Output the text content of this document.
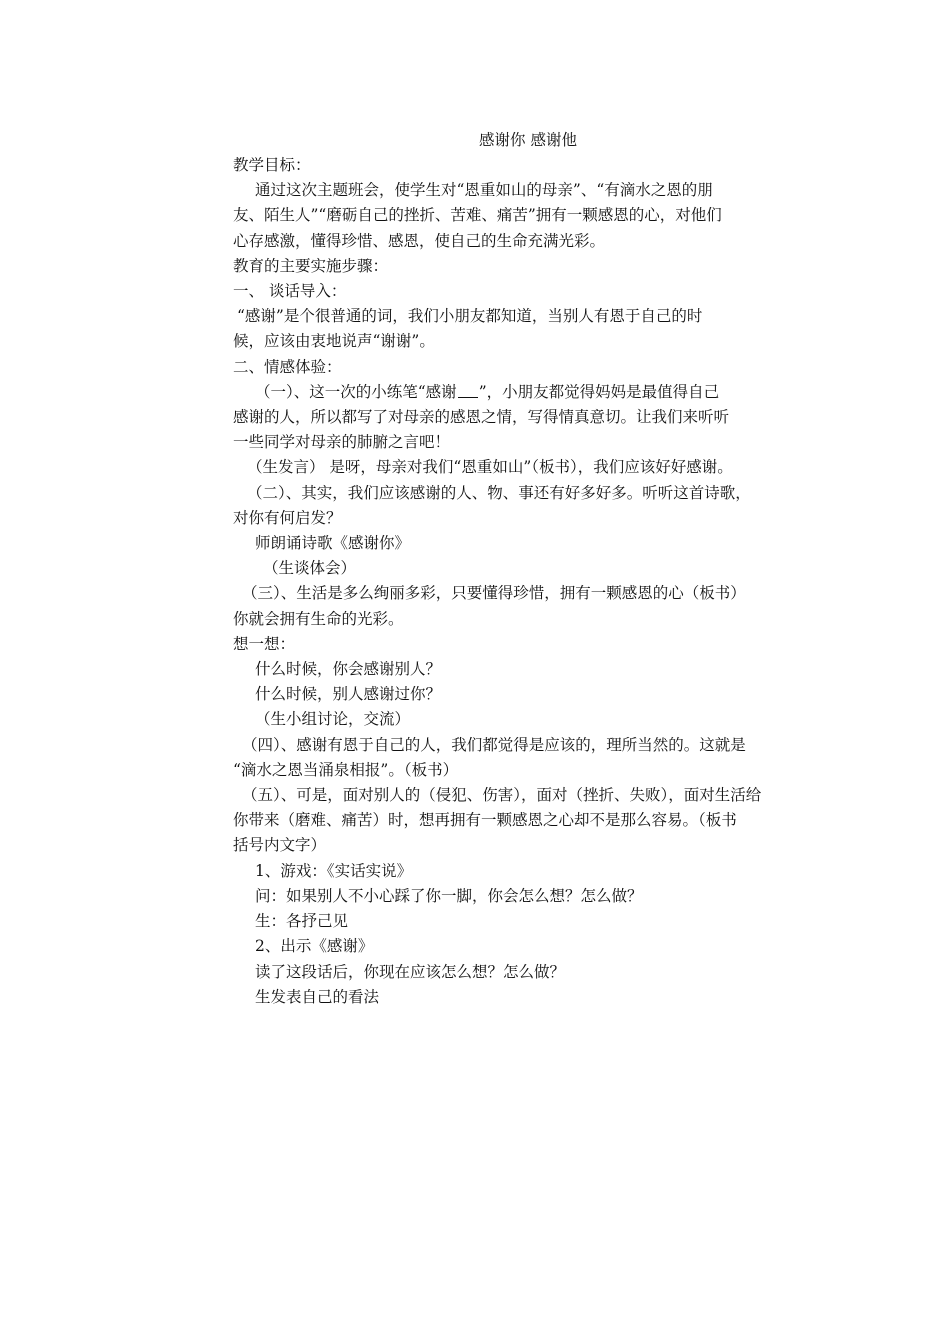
感谢你 感谢他
教学目标：
通过这次主题班会，使学生对“恩重如山的母亲”、“有滴水之恩的朋
友、陌生人”“磨砺自己的挫折、苦难、痛苦”拥有一颗感恩的心，对他们
心存感激，懂得珍惜、感恩，使自己的生命充满光彩。
教育的主要实施步骤：
一、 谈话导入：
“感谢”是个很普通的词，我们小朋友都知道，当别人有恩于自己的时
候，应该由衷地说声“谢谢”。
二、情感体验：
（一）、这一次的小练笔“感谢 ”，小朋友都觉得妈妈是最值得自己
感谢的人，所以都写了对母亲的感恩之情，写得情真意切。让我们来听听
一些同学对母亲的肺腑之言吧！
（生发言） 是呀，母亲对我们“恩重如山”（板书），我们应该好好感谢。
（二）、其实，我们应该感谢的人、物、事还有好多好多。听听这首诗歌，
对你有何启发？
师朗诵诗歌《感谢你》
（生谈体会）
（三）、生活是多么绚丽多彩，只要懂得珍惜，拥有一颗感恩的心（板书）
你就会拥有生命的光彩。
想一想：
什么时候，你会感谢别人？
什么时候，别人感谢过你？
（生小组讨论，交流）
（四）、感谢有恩于自己的人，我们都觉得是应该的，理所当然的。这就是
“滴水之恩当涌泉相报”。（板书）
（五）、可是，面对别人的（侵犯、伤害），面对（挫折、失败），面对生活给
你带来（磨难、痛苦）时，想再拥有一颗感恩之心却不是那么容易。（板书
括号内文字）
1、游戏：《实话实说》
问：如果别人不小心踩了你一脚，你会怎么想？怎么做？
生：各抒己见
2、出示《感谢》
读了这段话后，你现在应该怎么想？怎么做？
生发表自己的看法
